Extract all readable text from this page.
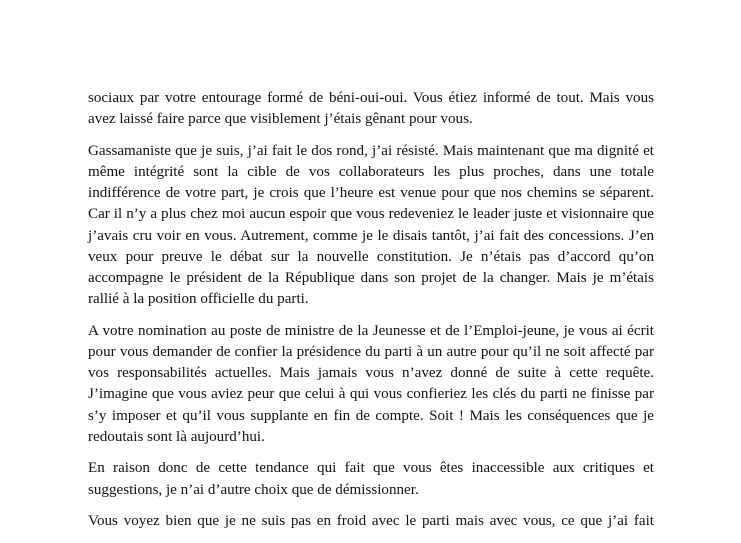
sociaux par votre entourage formé de béni-oui-oui. Vous étiez informé de tout. Mais vous avez laissé faire parce que visiblement j’étais gênant pour vous.

Gassamaniste que je suis, j’ai fait le dos rond, j’ai résisté. Mais maintenant que ma dignité et même intégrité sont la cible de vos collaborateurs les plus proches, dans une totale indifférence de votre part, je crois que l’heure est venue pour que nos chemins se séparent. Car il n’y a plus chez moi aucun espoir que vous redeveniez le leader juste et visionnaire que j’avais cru voir en vous. Autrement, comme je le disais tantôt, j’ai fait des concessions. J’en veux pour preuve le débat sur la nouvelle constitution. Je n’étais pas d’accord qu’on accompagne le président de la République dans son projet de la changer. Mais je m’étais rallié à la position officielle du parti.

A votre nomination au poste de ministre de la Jeunesse et de l’Emploi-jeune, je vous ai écrit pour vous demander de confier la présidence du parti à un autre pour qu’il ne soit affecté par vos responsabilités actuelles. Mais jamais vous n’avez donné de suite à cette requête. J’imagine que vous aviez peur que celui à qui vous confieriez les clés du parti ne finisse par s’y imposer et qu’il vous supplante en fin de compte. Soit ! Mais les conséquences que je redoutais sont là aujourd’hui.

En raison donc de cette tendance qui fait que vous êtes inaccessible aux critiques et suggestions, je n’ai d’autre choix que de démissionner.

Vous voyez bien que je ne suis pas en froid avec le parti mais avec vous, ce que j’ai fait
